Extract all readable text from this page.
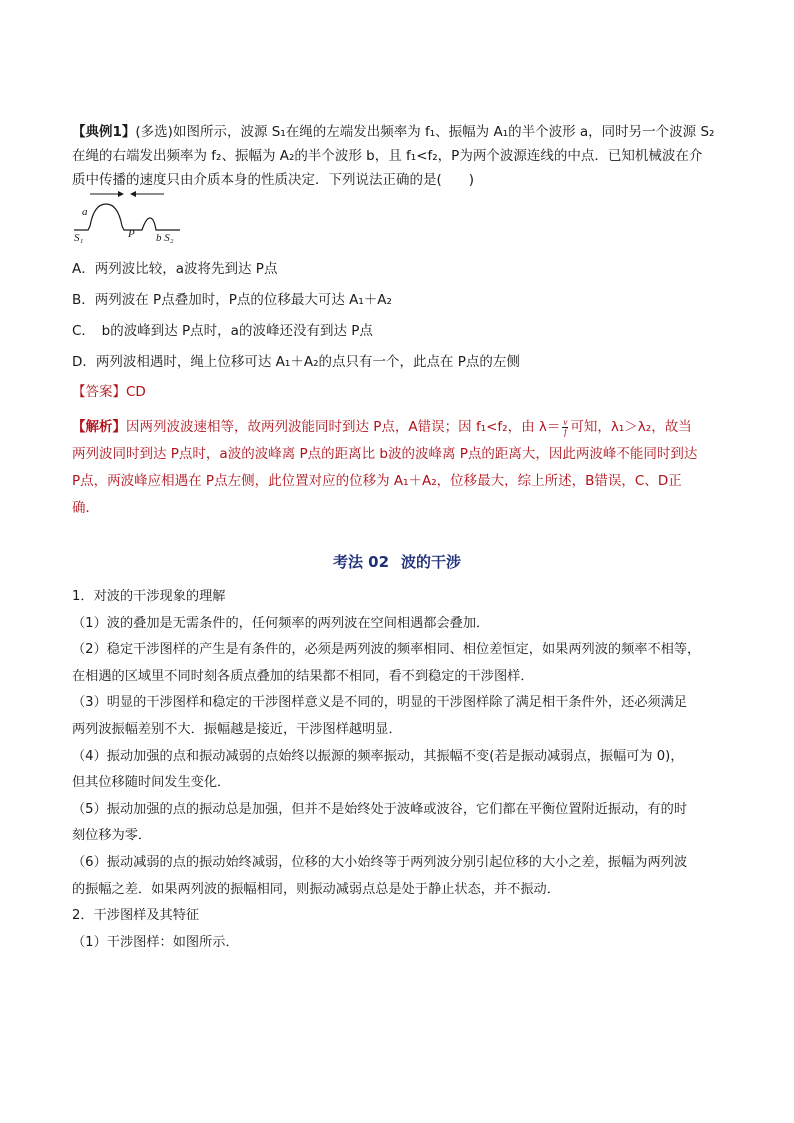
【典例1】(多选)如图所示，波源 S₁在绳的左端发出频率为 f₁、振幅为 A₁的半个波形 a，同时另一个波源 S₂
在绳的右端发出频率为 f₂、振幅为 A₂的半个波形 b，且 f₁<f₂，P为两个波源连线的中点．已知机械波在介
质中传播的速度只由介质本身的性质决定．下列说法正确的是(　　)
a
S₁	P b S₂
A．两列波比较，a波将先到达 P点
B．两列波在 P点叠加时，P点的位移最大可达 A₁＋A₂
C．　b的波峰到达 P点时，a的波峰还没有到达 P点
D．两列波相遇时，绳上位移可达 A₁＋A₂的点只有一个，此点在 P点的左侧
【答案】CD
【解析】因两列波波速相等，故两列波能同时到达 P点，A错误；因 f₁<f₂，由 $\lambda= \frac{v}{f}$ 可知，λ₁＞λ₂，故当
两列波同时到达 P点时，a波的波峰离 P点的距离比 b波的波峰离 P点的距离大，因此两波峰不能同时到达
P点，两波峰应相遇在 P点左侧，此位置对应的位移为 A₁＋A₂，位移最大，综上所述，B错误，C、D正
确．
考法 02 波的干涉
1．对波的干涉现象的理解
（1）波的叠加是无需条件的，任何频率的两列波在空间相遇都会叠加．
（2）稳定干涉图样的产生是有条件的，必须是两列波的频率相同、相位差恒定，如果两列波的频率不相等，
在相遇的区域里不同时刻各质点叠加的结果都不相同，看不到稳定的干涉图样．
（3）明显的干涉图样和稳定的干涉图样意义是不同的，明显的干涉图样除了满足相干条件外，还必须满足
两列波振幅差别不大．振幅越是接近，干涉图样越明显．
（4）振动加强的点和振动减弱的点始终以振源的频率振动，其振幅不变(若是振动减弱点，振幅可为 0)，
但其位移随时间发生变化．
（5）振动加强的点的振动总是加强，但并不是始终处于波峰或波谷，它们都在平衡位置附近振动，有的时
刻位移为零．
（6）振动减弱的点的振动始终减弱，位移的大小始终等于两列波分别引起位移的大小之差，振幅为两列波
的振幅之差．如果两列波的振幅相同，则振动减弱点总是处于静止状态，并不振动．
2．干涉图样及其特征
（1）干涉图样：如图所示．
